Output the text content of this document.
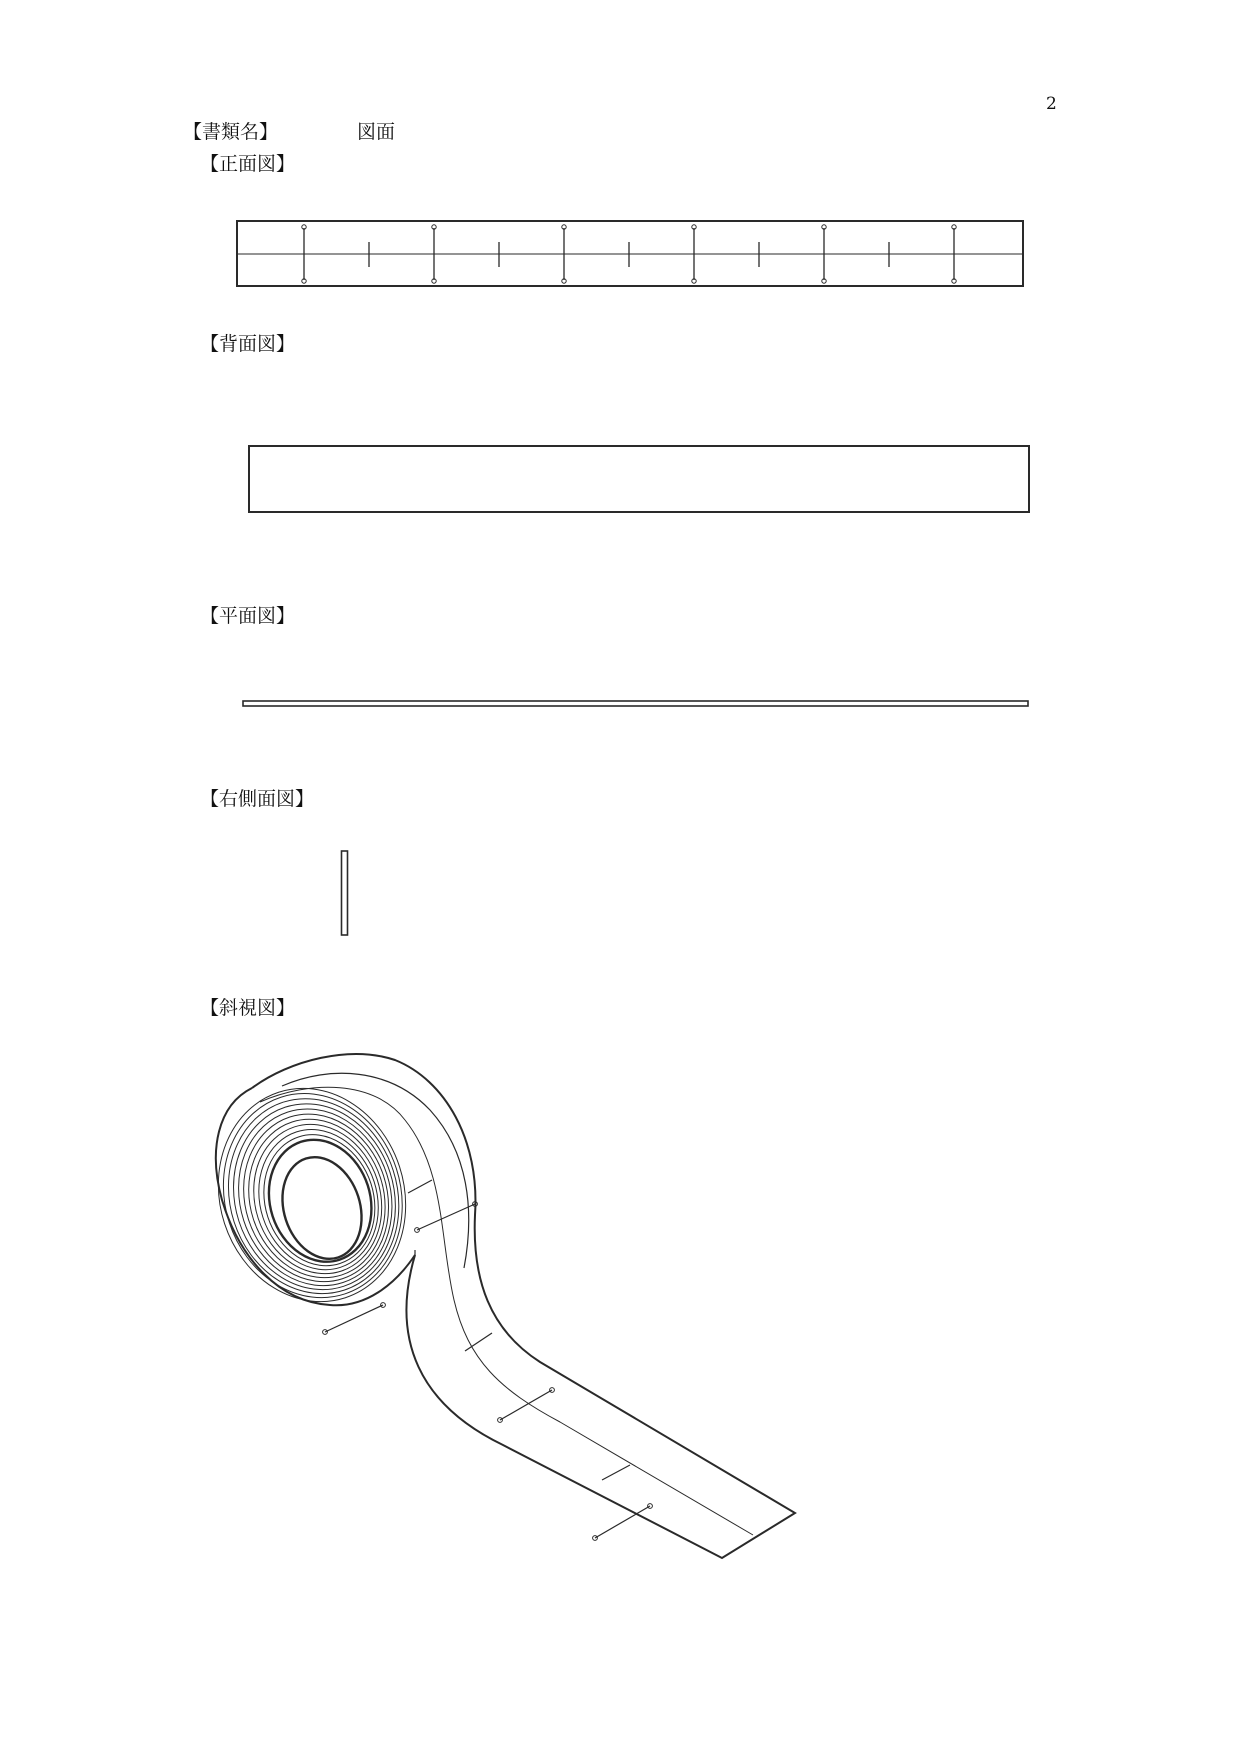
2
【書類名】	図面
【正面図】
【背面図】
【平面図】
【右側面図】
【斜視図】
